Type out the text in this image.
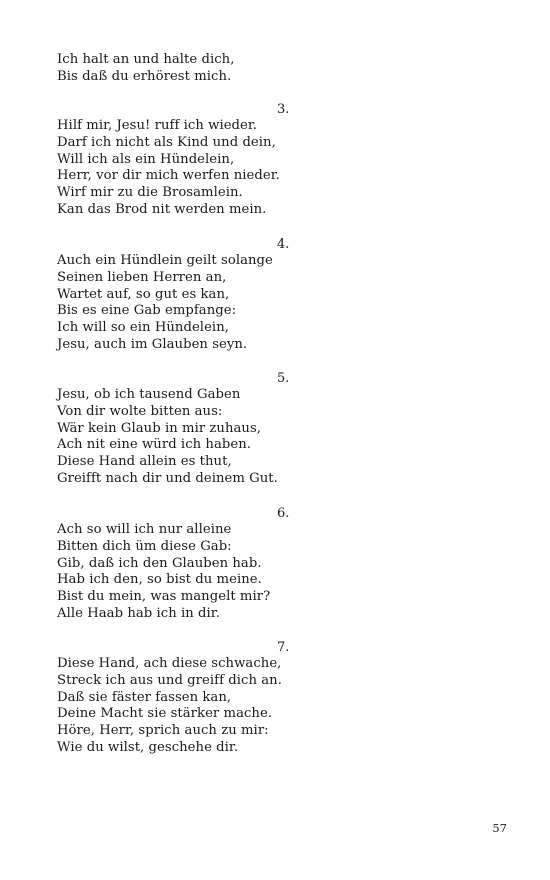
Ich halt an und halte dich,
Bis daß du erhörest mich.
3.
Hilf mir, Jesu! ruff ich wieder.
Darf ich nicht als Kind und dein,
Will ich als ein Hündelein,
Herr, vor dir mich werfen nieder.
Wirf mir zu die Brosamlein.
Kan das Brod nit werden mein.
4.
Auch ein Hündlein geilt solange
Seinen lieben Herren an,
Wartet auf, so gut es kan,
Bis es eine Gab empfange:
Ich will so ein Hündelein,
Jesu, auch im Glauben seyn.
5.
Jesu, ob ich tausend Gaben
Von dir wolte bitten aus:
Wär kein Glaub in mir zuhaus,
Ach nit eine würd ich haben.
Diese Hand allein es thut,
Greifft nach dir und deinem Gut.
6.
Ach so will ich nur alleine
Bitten dich üm diese Gab:
Gib, daß ich den Glauben hab.
Hab ich den, so bist du meine.
Bist du mein, was mangelt mir?
Alle Haab hab ich in dir.
7.
Diese Hand, ach diese schwache,
Streck ich aus und greiff dich an.
Daß sie fäster fassen kan,
Deine Macht sie stärker mache.
Höre, Herr, sprich auch zu mir:
Wie du wilst, geschehe dir.
57
